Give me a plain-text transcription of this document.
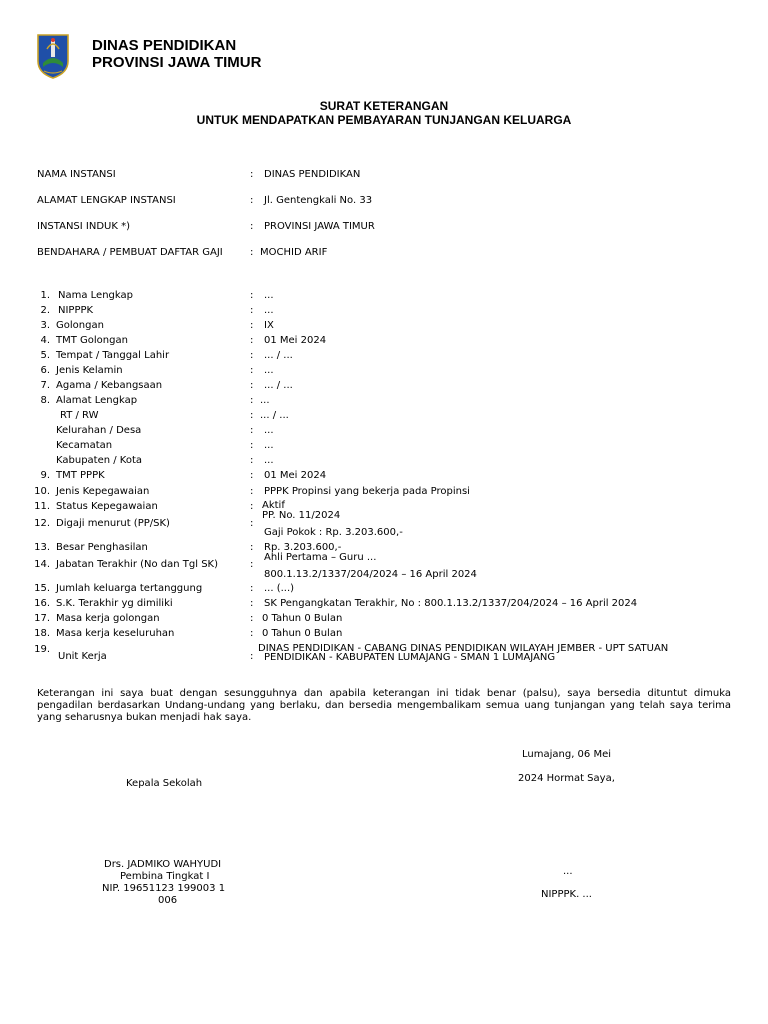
DINAS PENDIDIKAN
PROVINSI JAWA TIMUR
SURAT KETERANGAN
UNTUK MENDAPATKAN PEMBAYARAN TUNJANGAN KELUARGA
NAMA INSTANSI	: DINAS PENDIDIKAN
ALAMAT LENGKAP INSTANSI	: Jl. Gentengkali No. 33
INSTANSI INDUK *)	: PROVINSI JAWA TIMUR
BENDAHARA / PEMBUAT DAFTAR GAJI	: MOCHID ARIF
1. Nama Lengkap	: ...
2. NIPPPK	: ...
3. Golongan	: IX
4. TMT Golongan	: 01 Mei 2024
5. Tempat / Tanggal Lahir	: ... / ...
6. Jenis Kelamin	: ...
7. Agama / Kebangsaan	: ... / ...
8. Alamat Lengkap	: ...
RT / RW	: ... / ...
Kelurahan / Desa	: ...
Kecamatan	: ...
Kabupaten / Kota	: ...
9. TMT PPPK	: 01 Mei 2024
10. Jenis Kepegawaian	: PPPK Propinsi yang bekerja pada Propinsi
11. Status Kepegawaian	: Aktif
12. Digaji menurut (PP/SK)	:
PP. No. 11/2024
Gaji Pokok : Rp. 3.203.600,-
13. Besar Penghasilan	: Rp. 3.203.600,-
14. Jabatan Terakhir (No dan Tgl SK)	:
Ahli Pertama – Guru ...
800.1.13.2/1337/204/2024 – 16 April 2024
15. Jumlah keluarga tertanggung	: ... (...)
16. S.K. Terakhir yg dimiliki	: SK Pengangkatan Terakhir, No : 800.1.13.2/1337/204/2024 – 16 April 2024
17. Masa kerja golongan	: 0 Tahun 0 Bulan
18. Masa kerja keseluruhan	: 0 Tahun 0 Bulan
19.
Unit Kerja	:
DINAS PENDIDIKAN - CABANG DINAS PENDIDIKAN WILAYAH JEMBER - UPT SATUAN
PENDIDIKAN - KABUPATEN LUMAJANG - SMAN 1 LUMAJANG
Keterangan ini saya buat dengan sesungguhnya dan apabila keterangan ini tidak benar (palsu), saya bersedia dituntut dimuka pengadilan berdasarkan Undang-undang yang berlaku, dan bersedia mengembalikam semua uang tunjangan yang telah saya terima yang seharusnya bukan menjadi hak saya.
Lumajang, 06 Mei
2024 Hormat Saya,
Kepala Sekolah
Drs. JADMIKO WAHYUDI
Pembina Tingkat I
NIP. 19651123 199003 1
006
...
NIPPPK. ...
